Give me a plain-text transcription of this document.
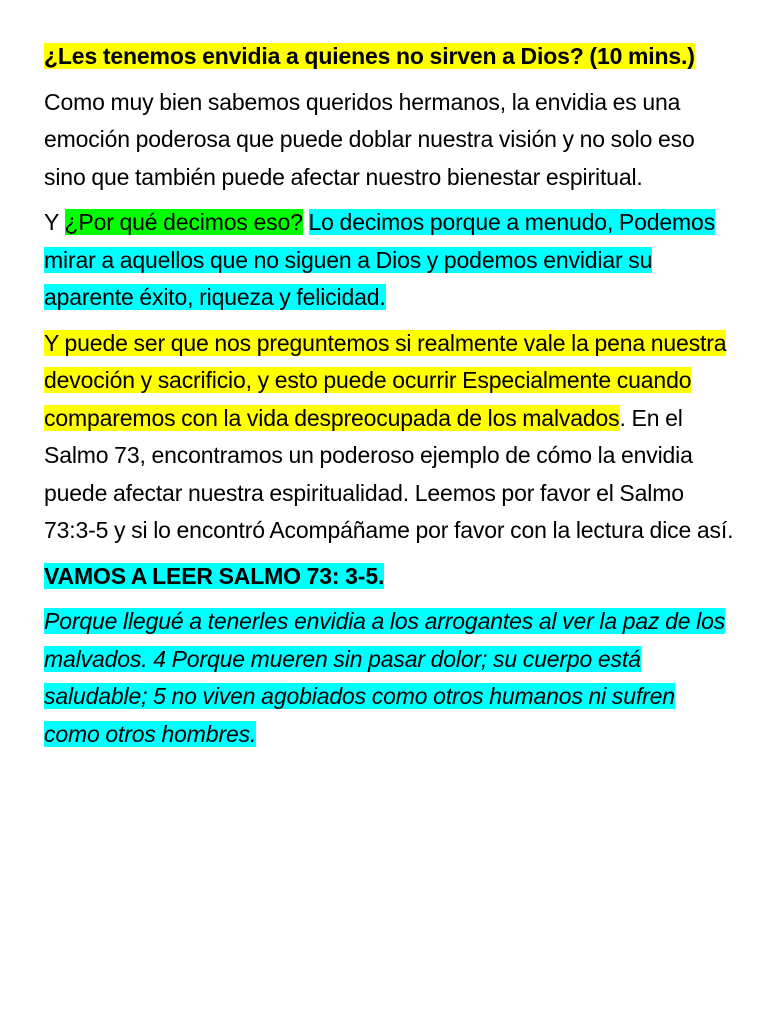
¿Les tenemos envidia a quienes no sirven a Dios? (10 mins.)

Como muy bien sabemos queridos hermanos, la envidia es una emoción poderosa que puede doblar nuestra visión y no solo eso sino que también puede afectar nuestro bienestar espiritual.

Y ¿Por qué decimos eso? Lo decimos porque a menudo, Podemos mirar a aquellos que no siguen a Dios y podemos envidiar su aparente éxito, riqueza y felicidad.

Y puede ser que nos preguntemos si realmente vale la pena nuestra devoción y sacrificio, y esto puede ocurrir Especialmente cuando comparemos con la vida despreocupada de los malvados. En el Salmo 73, encontramos un poderoso ejemplo de cómo la envidia puede afectar nuestra espiritualidad. Leemos por favor el Salmo 73:3-5 y si lo encontró Acompáñame por favor con la lectura dice así.

VAMOS A LEER SALMO 73: 3-5.

Porque llegué a tenerles envidia a los arrogantes al ver la paz de los malvados. 4 Porque mueren sin pasar dolor; su cuerpo está saludable; 5 no viven agobiados como otros humanos ni sufren como otros hombres.
